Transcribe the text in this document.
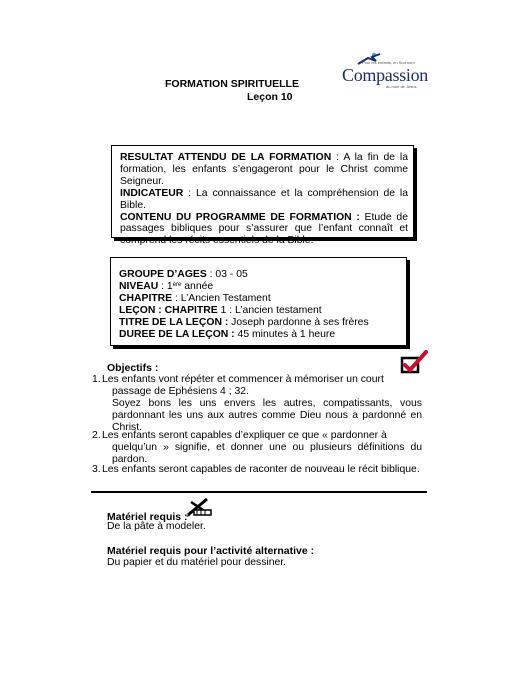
FORMATION SPIRITUELLE
Leçon 10
Pour les enfants, en Son nom
Compassion
au nom de Jésus

RESULTAT ATTENDU DE LA FORMATION : A la fin de la formation, les enfants s’engageront pour le Christ comme Seigneur.

INDICATEUR : La connaissance et la compréhension de la Bible.

CONTENU DU PROGRAMME DE FORMATION : Etude de passages bibliques pour s’assurer que l’enfant connaît et comprend les récits essentiels de la Bible.

GROUPE D’AGES : 03 - 05

NIVEAU : 1ère année

CHAPITRE : L’Ancien Testament

LEÇON : CHAPITRE 1 : L’ancien testament

TITRE DE LA LEÇON : Joseph pardonne à ses frères

DUREE DE LA LEÇON : 45 minutes à 1 heure

Objectifs :
1. Les enfants vont répéter et commencer à mémoriser un court
passage de Ephésiens 4 ; 32.
Soyez bons les uns envers les autres, compatissants, vous pardonnant les uns aux autres comme Dieu nous a pardonné en Christ.
2. Les enfants seront capables d’expliquer ce que « pardonner à
quelqu’un » signifie, et donner une ou plusieurs définitions du pardon.
3. Les enfants seront capables de raconter de nouveau le récit biblique.
Matériel requis :
De la pâte à modeler.
Matériel requis pour l’activité alternative :
Du papier et du matériel pour dessiner.
